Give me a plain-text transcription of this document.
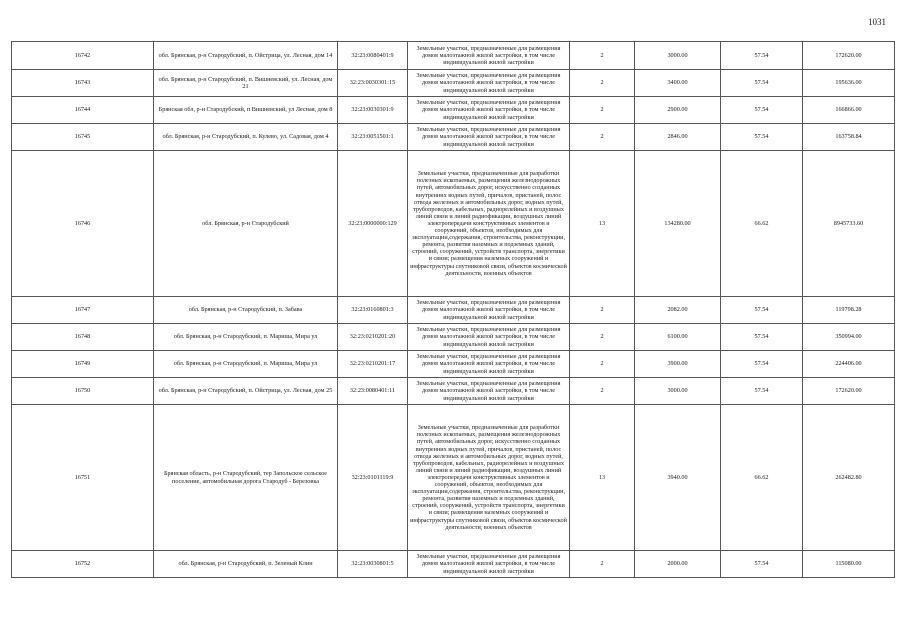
1031
16742	обл. Брянская, р-н Стародубский, п. Ойстрица, ул. Лесная, дом 14	32:23:0080401:9	Земельные участки, предназначенные для размещения домов малоэтажной жилой застройки, в том числе индивидуальной жилой застройки	2	3000.00	57.54	172620.00
16743	обл. Брянская, р-н Стародубский, п. Вишневский, ул. Лесная, дом 21	32:23:0030301:15	Земельные участки, предназначенные для размещения домов малоэтажной жилой застройки, в том числе индивидуальной жилой застройки	2	3400.00	57.54	195636.00
16744	Брянская обл, р-н Стародубский, п Вишневский, ул Лесная, дом 8	32:23:0030301:9	Земельные участки, предназначенные для размещения домов малоэтажной жилой застройки, в том числе индивидуальной жилой застройки	2	2900.00	57.54	166866.00
16745	обл. Брянская, р-н Стародубский, п. Кулево, ул. Садовая, дом 4	32:23:0051501:1	Земельные участки, предназначенные для размещения домов малоэтажной жилой застройки, в том числе индивидуальной жилой застройки	2	2846.00	57.54	163758.84
16746	обл. Брянская, р-н Стародубский	32:23:0000000:129	Земельные участки, предназначенные для разработки полезных ископаемых, размещения железнодорожных путей, автомобильных дорог, искусственно созданных внутренних водных путей, причалов, пристаней, полос отвода железных и автомобильных дорог, водных путей, трубопроводов, кабельных, радиорелейных и воздушных линий связи и линий радиофикации, воздушных линий электропередачи конструктивных элементов и сооружений, объектов, необходимых для эксплуатации,содержания, строительства, реконструкции, ремонта, развития наземных и подземных зданий, строений, сооружений, устройств транспорта, энергетики и связи; размещения наземных сооружений и инфраструктуры спутниковой связи, объектов космической деятельности, военных объектов	13	134280.00	66.62	8945733.60
16747	обл. Брянская, р-н Стародубский, п. Забава	32:23:0160801:3	Земельные участки, предназначенные для размещения домов малоэтажной жилой застройки, в том числе индивидуальной жилой застройки	2	2082.00	57.54	119798.28
16748	обл. Брянская, р-н Стародубский, п. Мариша, Мира ул	32:23:0210201:20	Земельные участки, предназначенные для размещения домов малоэтажной жилой застройки, в том числе индивидуальной жилой застройки	2	6100.00	57.54	350994.00
16749	обл. Брянская, р-н Стародубский, п. Мариша, Мира ул	32:23:0210201:17	Земельные участки, предназначенные для размещения домов малоэтажной жилой застройки, в том числе индивидуальной жилой застройки	2	3900.00	57.54	224406.00
16750	обл. Брянская, р-н Стародубский, п. Ойстрица, ул. Лесная, дом 25	32:23:0080401:11	Земельные участки, предназначенные для размещения домов малоэтажной жилой застройки, в том числе индивидуальной жилой застройки	2	3000.00	57.54	172620.00
16751	Брянская область, р-н Стародубский, тер Запольское сельское поселение, автомобильная дорога Стародуб - Березовка	32:23:0101119:9	Земельные участки, предназначенные для разработки полезных ископаемых, размещения железнодорожных путей, автомобильных дорог, искусственно созданных внутренних водных путей, причалов, пристаней, полос отвода железных и автомобильных дорог, водных путей, трубопроводов, кабельных, радиорелейных и воздушных линий связи и линий радиофикации, воздушных линий электропередачи конструктивных элементов и сооружений, объектов, необходимых для эксплуатации,содержания, строительства, реконструкции, ремонта, развития наземных и подземных зданий, строений, сооружений, устройств транспорта, энергетики и связи; размещения наземных сооружений и инфраструктуры спутниковой связи, объектов космической деятельности, военных объектов	13	3940.00	66.62	262482.80
16752	обл. Брянская, р-н Стародубский, п. Зеленый Клин	32:23:0030801:5	Земельные участки, предназначенные для размещения домов малоэтажной жилой застройки, в том числе индивидуальной жилой застройки	2	2000.00	57.54	115080.00
